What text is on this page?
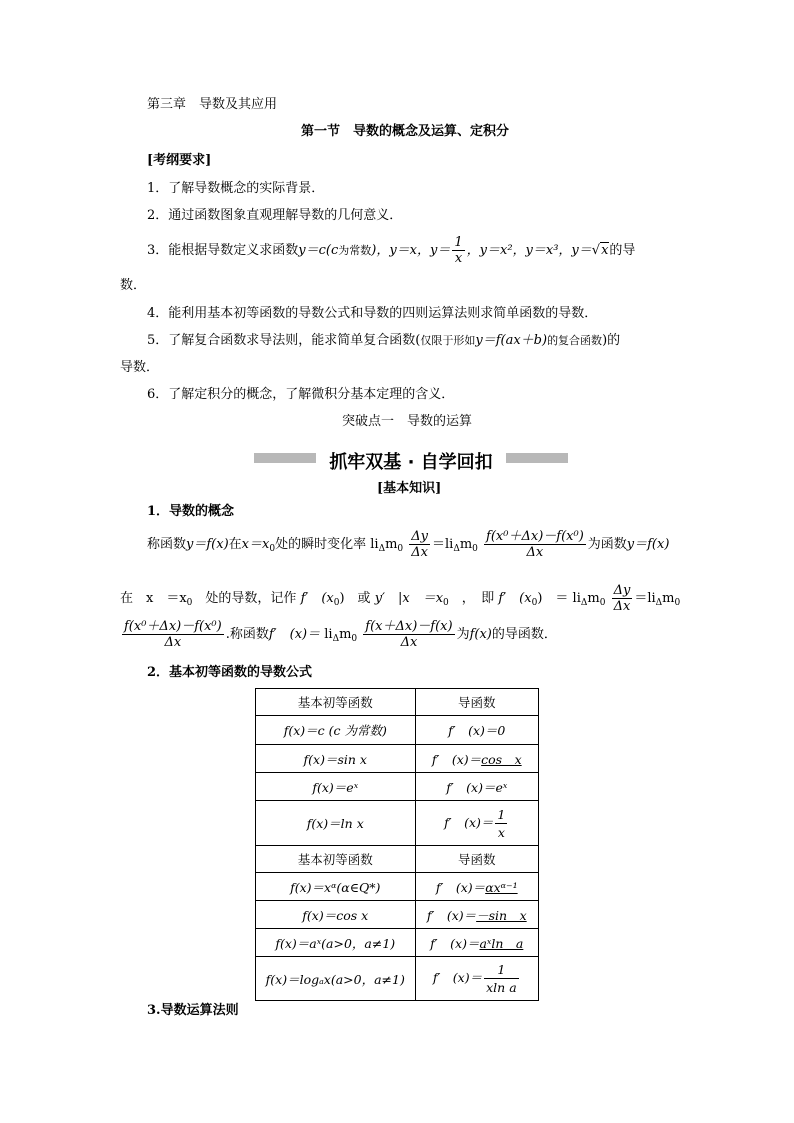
第三章　导数及其应用
第一节　导数的概念及运算、定积分
[考纲要求]
1．了解导数概念的实际背景．
2．通过函数图象直观理解导数的几何意义．
3．能根据导数定义求函数y＝c(c为常数)，y＝x，$y= \frac{1}{x}$ ，y＝x²，y＝x³，y＝√x的导
数．
4．能利用基本初等函数的导数公式和导数的四则运算法则求简单函数的导数．
5．了解复合函数求导法则，能求简单复合函数(仅限于形如y＝f(ax＋b)的复合函数)的
导数．
6．了解定积分的概念，了解微积分基本定理的含义．
突破点一　导数的运算
抓牢双基 · 自学回扣
[基本知识]
1．导数的概念
称函数y＝f(x)在$x=x_0$处的瞬时变化率 $li_\Delta m_0 \frac{\Delta y}{\Delta x} =li_\Delta m_0 \frac{\text{f(x⁰＋Δx)－f(x⁰)}}{\Delta x}$ 为函数y＝f(x)
在　x　$=x_0$　处的导数，记作 f′　$(x_0)$　或 y′　|x　$=x_0$　，　即 f′　$(x_0)$　＝ $li_\Delta m_0 \frac{\Delta y}{\Delta x} =li_\Delta m_0$
$\frac{\text{f(x⁰＋Δx)－f(x⁰)}}{\Delta x}$ .称函数f′　$(x)= li_\Delta m_0 \frac{f(x+\Delta x)-f(x)}{\Delta x}$ 为f(x)的导函数．
2．基本初等函数的导数公式
基本初等函数	导函数
f(x)＝c (c 为常数)	f′　(x)＝0
f(x)＝sin x	f′　(x)＝cos　x
f(x)＝eˣ	f′　(x)＝eˣ
f(x)＝ln x	f′　$(x)= \frac{1}{x}$

基本初等函数	导函数
f(x)＝xᵅ(α∈Q*)	f′　(x)＝αxᵅ⁻¹
f(x)＝cos x	f′　(x)＝－sin　x
f(x)＝aˣ(a>0，a≠1)	f′　(x)＝aˣln　a
f(x)＝logₐx(a>0，a≠1)	f′　$(x)= \frac{1}{\text{xln a}}$
3.导数运算法则
